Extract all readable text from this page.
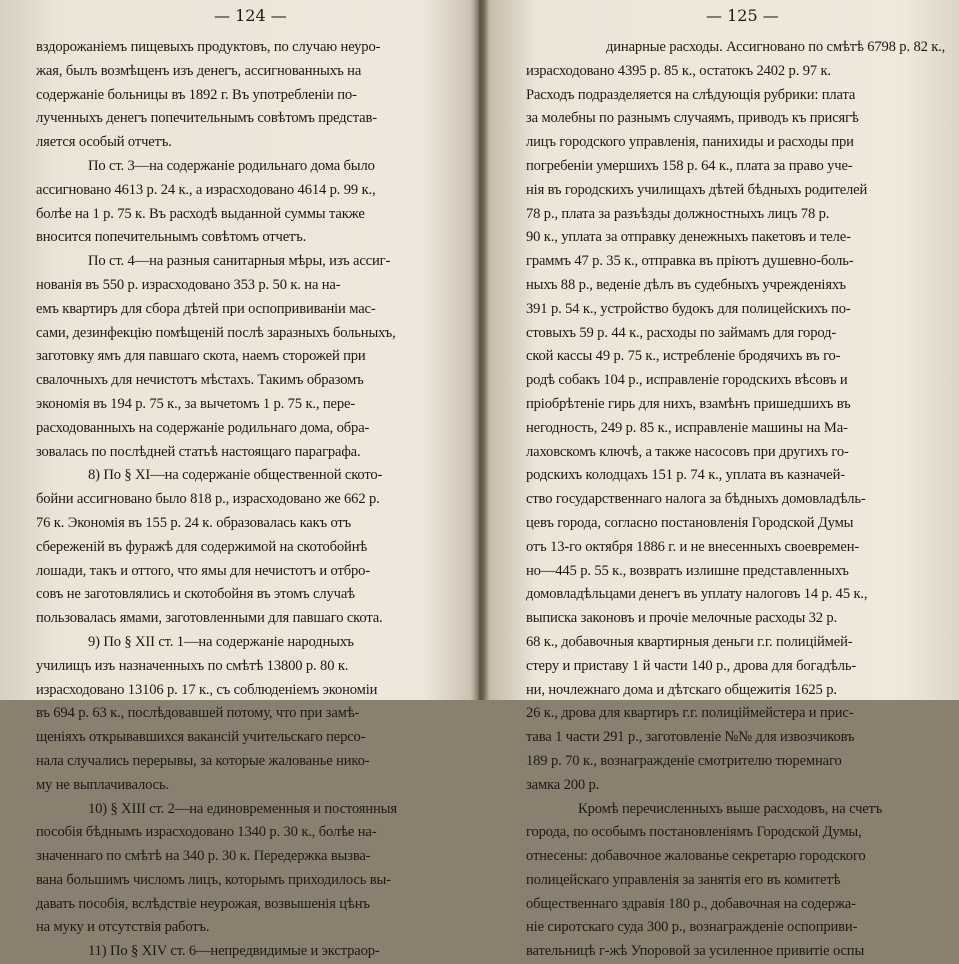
— 124 —
вздорожаніемъ пищевыхъ продуктовъ, по случаю неуро-
жая, былъ возмѣщенъ изъ денегъ, ассигнованныхъ на
содержаніе больницы въ 1892 г. Въ употребленіи по-
лученныхъ денегъ попечительнымъ совѣтомъ представ-
ляется особый отчетъ.
По ст. 3—на содержаніе родильнаго дома было
ассигновано 4613 р. 24 к., а израсходовано 4614 р. 99 к.,
болѣе на 1 р. 75 к. Въ расходѣ выданной суммы также
вносится попечительнымъ совѣтомъ отчетъ.
По ст. 4—на разныя санитарныя мѣры, изъ ассиг-
нованія въ 550 р. израсходовано 353 р. 50 к. на на-
емъ квартиръ для сбора дѣтей при оспопрививаніи мас-
сами, дезинфекцію помѣщеній послѣ заразныхъ больныхъ,
заготовку ямъ для павшаго скота, наемъ сторожей при
свалочныхъ для нечистотъ мѣстахъ. Такимъ образомъ
экономія въ 194 р. 75 к., за вычетомъ 1 р. 75 к., пере-
расходованныхъ на содержаніе родильнаго дома, обра-
зовалась по послѣдней статьѣ настоящаго параграфа.
8) По § XI—на содержаніе общественной ското-
бойни ассигновано было 818 р., израсходовано же 662 р.
76 к. Экономія въ 155 р. 24 к. образовалась какъ отъ
сбереженій въ фуражѣ для содержимой на скотобойнѣ
лошади, такъ и оттого, что ямы для нечистотъ и отбро-
совъ не заготовлялись и скотобойня въ этомъ случаѣ
пользовалась ямами, заготовленными для павшаго скота.
9) По § XII ст. 1—на содержаніе народныхъ
училищъ изъ назначенныхъ по смѣтѣ 13800 р. 80 к.
израсходовано 13106 р. 17 к., съ соблюденіемъ экономіи
въ 694 р. 63 к., послѣдовавшей потому, что при замѣ-
щеніяхъ открывавшихся вакансій учительскаго персо-
нала случались перерывы, за которые жалованье нико-
му не выплачивалось.
10) § XIII ст. 2—на единовременныя и постоянныя
пособія бѣднымъ израсходовано 1340 р. 30 к., болѣе на-
значеннаго по смѣтѣ на 340 р. 30 к. Передержка вызва-
вана большимъ числомъ лицъ, которымъ приходилось вы-
давать пособія, вслѣдствіе неурожая, возвышенія цѣнъ
на муку и отсутствія работъ.
11) По § XIV ст. 6—непредвидимые и экстраор-
— 125 —
динарные расходы. Ассигновано по смѣтѣ 6798 р. 82 к.,
израсходовано 4395 р. 85 к., остатокъ 2402 р. 97 к.
Расходъ подразделяется на слѣдующія рубрики: плата
за молебны по разнымъ случаямъ, приводъ къ присягѣ
лицъ городского управленія, панихиды и расходы при
погребеніи умершихъ 158 р. 64 к., плата за право уче-
нія въ городскихъ училищахъ дѣтей бѣдныхъ родителей
78 р., плата за разъѣзды должностныхъ лицъ 78 р.
90 к., уплата за отправку денежныхъ пакетовъ и теле-
граммъ 47 р. 35 к., отправка въ пріютъ душевно-боль-
ныхъ 88 р., веденіе дѣлъ въ судебныхъ учрежденіяхъ
391 р. 54 к., устройство будокъ для полицейскихъ по-
стовыхъ 59 р. 44 к., расходы по займамъ для город-
ской кассы 49 р. 75 к., истребленіе бродячихъ въ го-
родѣ собакъ 104 р., исправленіе городскихъ вѣсовъ и
пріобрѣтеніе гирь для нихъ, взамѣнъ пришедшихъ въ
негодность, 249 р. 85 к., исправленіе машины на Ма-
лаховскомъ ключѣ, а также насосовъ при другихъ го-
родскихъ колодцахъ 151 р. 74 к., уплата въ казначей-
ство государственнаго налога за бѣдныхъ домовладѣль-
цевъ города, согласно постановленія Городской Думы
отъ 13-го октября 1886 г. и не внесенныхъ своевремен-
но—445 р. 55 к., возвратъ излишне представленныхъ
домовладѣльцами денегъ въ уплату налоговъ 14 р. 45 к.,
выписка законовъ и прочіе мелочные расходы 32 р.
68 к., добавочныя квартирныя деньги г.г. полиціймей-
стеру и приставу 1 й части 140 р., дрова для богадѣль-
ни, ночлежнаго дома и дѣтскаго общежитія 1625 р.
26 к., дрова для квартиръ г.г. полиціймейстера и прис-
тава 1 части 291 р., заготовленіе №№ для извозчиковъ
189 р. 70 к., вознагражденіе смотрителю тюремнаго
замка 200 р.
Кромѣ перечисленныхъ выше расходовъ, на счетъ
города, по особымъ постановленіямъ Городской Думы,
отнесены: добавочное жалованье секретарю городского
полицейскаго управленія за занятія его въ комитетѣ
общественнаго здравія 180 р., добавочная на содержа-
ніе сиротскаго суда 300 р., вознагражденіе оспоприви-
вательницѣ г-жѣ Упоровой за усиленное привитіе оспы
